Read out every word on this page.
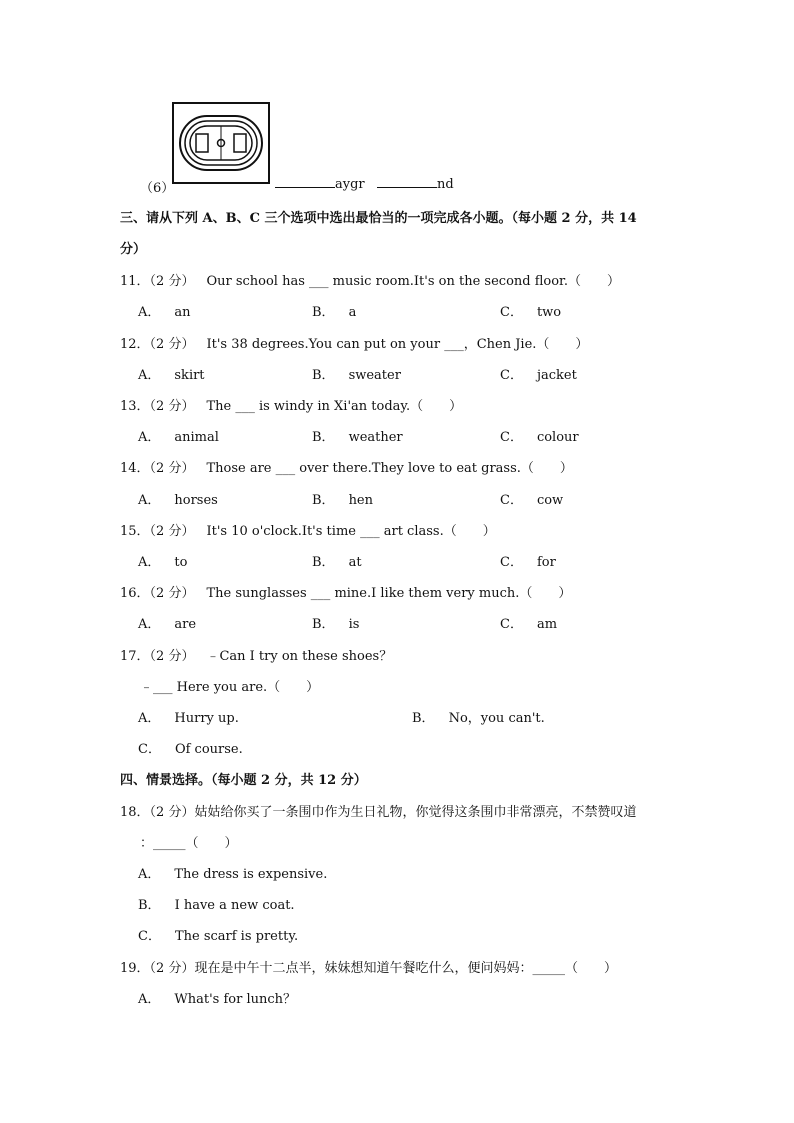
（6）	aygr	nd
三、请从下列 A、B、C 三个选项中选出最恰当的一项完成各小题。（每小题 2 分，共 14
分）
11．（2 分） Our school has ___ music room.It's on the second floor.（　　）
A． an	B． a	C． two
12．（2 分） It's 38 degrees.You can put on your ___，Chen Jie.（　　）
A． skirt	B． sweater	C． jacket
13．（2 分） The ___ is windy in Xi'an today.（　　）
A． animal	B． weather	C． colour
14．（2 分） Those are ___ over there.They love to eat grass.（　　）
A． horses	B． hen	C． cow
15．（2 分） It's 10 o'clock.It's time ___ art class.（　　）
A． to	B． at	C． for
16．（2 分） The sunglasses ___ mine.I like them very much.（　　）
A． are	B． is	C． am
17．（2 分） ﹣Can I try on these shoes？
﹣___ Here you are.（　　）
A． Hurry up.	B． No，you can't.
C． Of course.
四、情景选择。（每小题 2 分，共 12 分）
18．（2 分）姑姑给你买了一条围巾作为生日礼物，你觉得这条围巾非常漂亮，不禁赞叹道
：_____（　　）
A． The dress is expensive.
B． I have a new coat.
C． The scarf is pretty.
19．（2 分）现在是中午十二点半，妹妹想知道午餐吃什么，便问妈妈：_____（　　）
A． What's for lunch？
